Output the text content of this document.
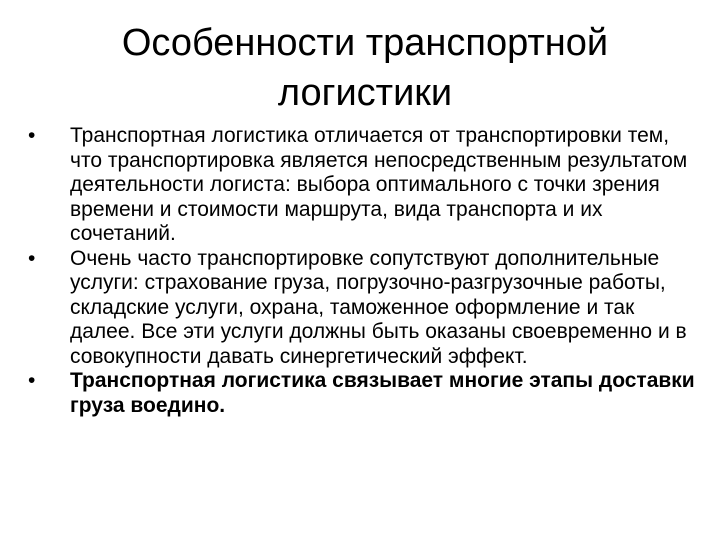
Особенности транспортной
логистики
•	Транспортная логистика отличается от транспортировки тем, что транспортировка является непосредственным результатом деятельности логиста: выбора оптимального с точки зрения времени и стоимости маршрута, вида транспорта и их сочетаний.
•	Очень часто транспортировке сопутствуют дополнительные услуги: страхование груза, погрузочно-разгрузочные работы, складские услуги, охрана, таможенное оформление и так далее. Все эти услуги должны быть оказаны своевременно и в совокупности давать синергетический эффект.
•	Транспортная логистика связывает многие этапы доставки груза воедино.
